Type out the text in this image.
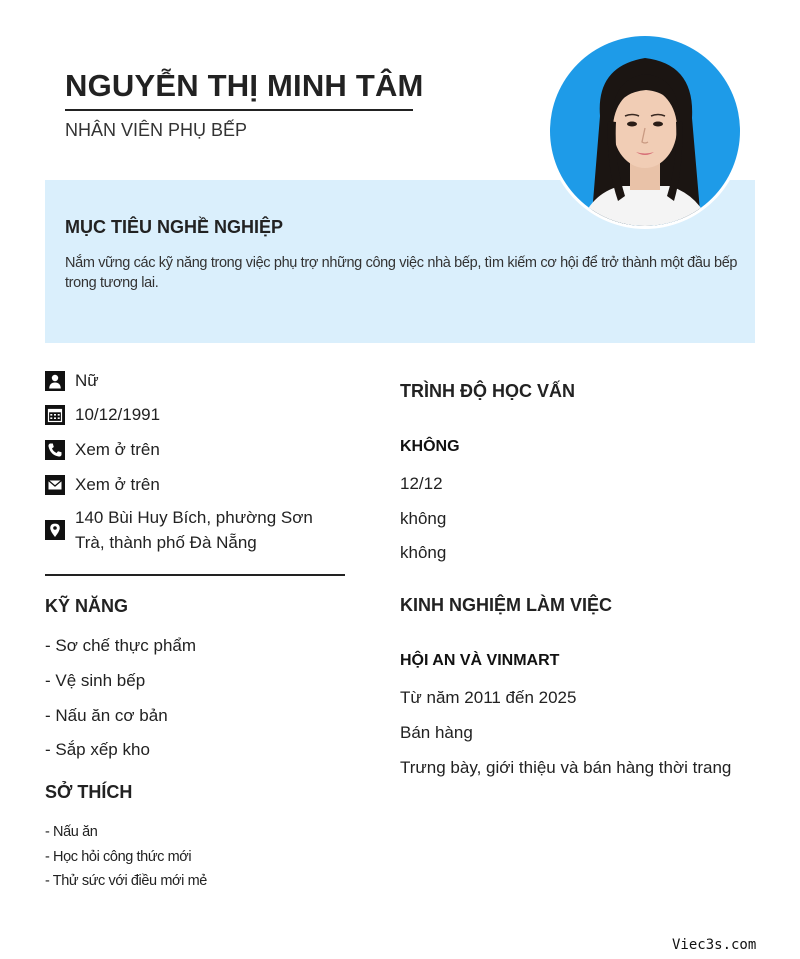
NGUYỄN THỊ MINH TÂM
NHÂN VIÊN PHỤ BẾP
MỤC TIÊU NGHỀ NGHIỆP
Nắm vững các kỹ năng trong việc phụ trợ những công việc nhà bếp, tìm kiếm cơ hội để trở thành một đầu bếp trong tương lai.
Nữ
10/12/1991
Xem ở trên
Xem ở trên
140 Bùi Huy Bích, phường Sơn Trà, thành phố Đà Nẵng
KỸ NĂNG
- Sơ chế thực phẩm
- Vệ sinh bếp
- Nấu ăn cơ bản
- Sắp xếp kho
SỞ THÍCH
- Nấu ăn
- Học hỏi công thức mới
- Thử sức với điều mới mẻ
TRÌNH ĐỘ HỌC VẤN
KHÔNG
12/12
không
không
KINH NGHIỆM LÀM VIỆC
HỘI AN VÀ VINMART
Từ năm 2011 đến 2025
Bán hàng
Trưng bày, giới thiệu và bán hàng thời trang
Viec3s.com
